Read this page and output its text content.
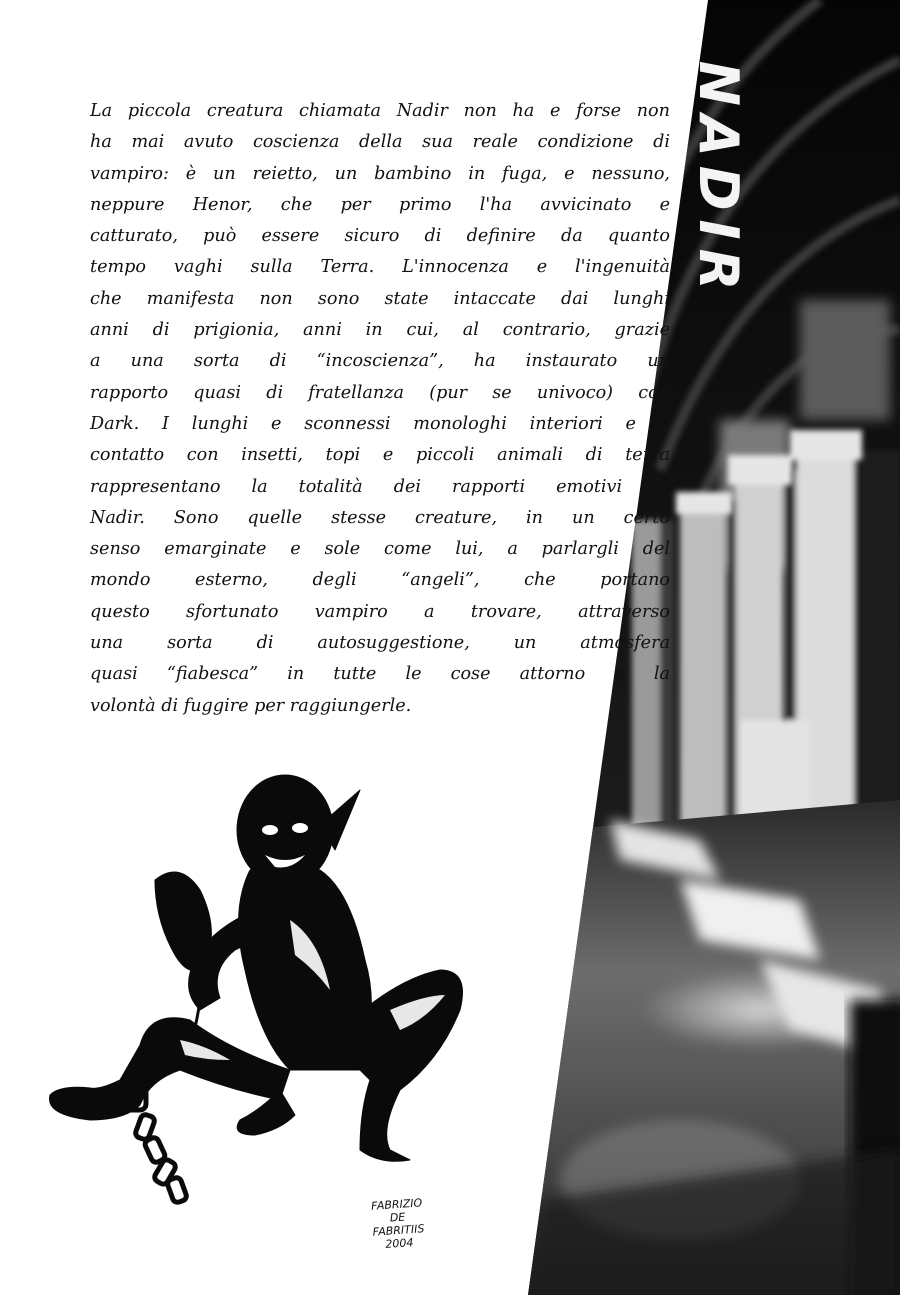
NADIR
La piccola creatura chiamata Nadir non ha e forse non
ha mai avuto coscienza della sua reale condizione di
vampiro: è un reietto, un bambino in fuga, e nessuno,
neppure Henor, che per primo l'ha avvicinato e
catturato, può essere sicuro di definire da quanto
tempo vaghi sulla Terra. L'innocenza e l'ingenuità
che manifesta non sono state intaccate dai lunghi
anni di prigionia, anni in cui, al contrario, grazie
a una sorta di “incoscienza”, ha instaurato un
rapporto quasi di fratellanza (pur se univoco) con
Dark. I lunghi e sconnessi monologhi interiori e il
contatto con insetti, topi e piccoli animali di terra
rappresentano la totalità dei rapporti emotivi di
Nadir. Sono quelle stesse creature, in un certo
senso emarginate e sole come lui, a parlargli del
mondo esterno, degli “angeli”, che portano
questo sfortunato vampiro a trovare, attraverso
una sorta di autosuggestione, un atmosfera
quasi “fiabesca” in tutte le cose attorno e la
volontà di fuggire per raggiungerle.
FABRIZIO
DE
FABRITIIS
2004
